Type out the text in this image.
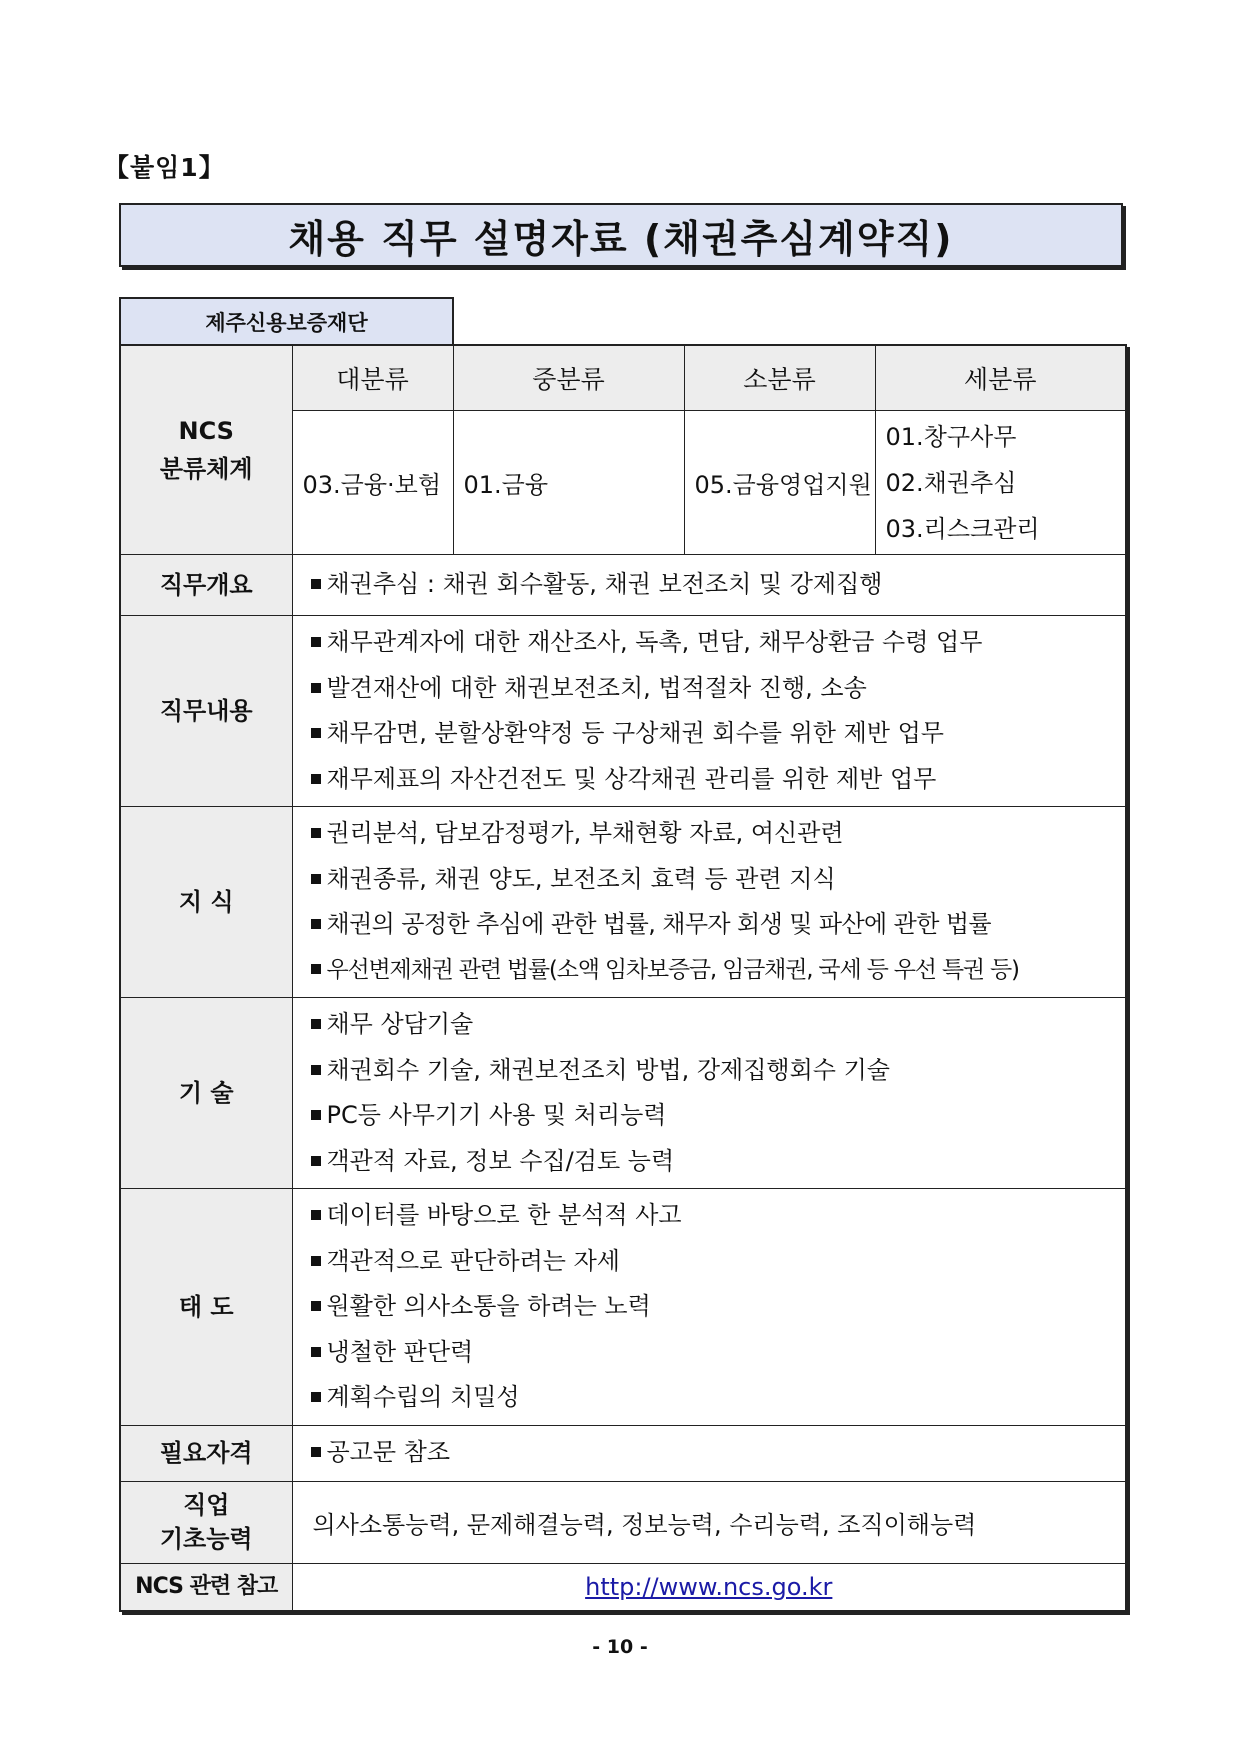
【붙임1】
채용 직무 설명자료 (채권추심계약직)
제주신용보증재단
NCS
분류체계	대분류	중분류	소분류	세분류
	03.금융·보험	01.금융	05.금융영업지원	01.창구사무
02.채권추심
03.리스크관리

직무개요	채권추심 : 채권 회수활동, 채권 보전조치 및 강제집행			

직무내용	채무관계자에 대한 재산조사, 독촉, 면담, 채무상환금 수령 업무
발견재산에 대한 채권보전조치, 법적절차 진행, 소송
채무감면, 분할상환약정 등 구상채권 회수를 위한 제반 업무
재무제표의 자산건전도 및 상각채권 관리를 위한 제반 업무			

지 식	권리분석, 담보감정평가, 부채현황 자료, 여신관련
채권종류, 채권 양도, 보전조치 효력 등 관련 지식
채권의 공정한 추심에 관한 법률, 채무자 회생 및 파산에 관한 법률
우선변제채권 관련 법률(소액 임차보증금, 임금채권, 국세 등 우선 특권 등)			

기 술	채무 상담기술
채권회수 기술, 채권보전조치 방법, 강제집행회수 기술
PC등 사무기기 사용 및 처리능력
객관적 자료, 정보 수집/검토 능력			

태 도	데이터를 바탕으로 한 분석적 사고
객관적으로 판단하려는 자세
원활한 의사소통을 하려는 노력
냉철한 판단력
계획수립의 치밀성			

필요자격	공고문 참조			

직업
기초능력	의사소통능력, 문제해결능력, 정보능력, 수리능력, 조직이해능력			
NCS 관련 참고	http://www.ncs.go.kr			
- 10 -
